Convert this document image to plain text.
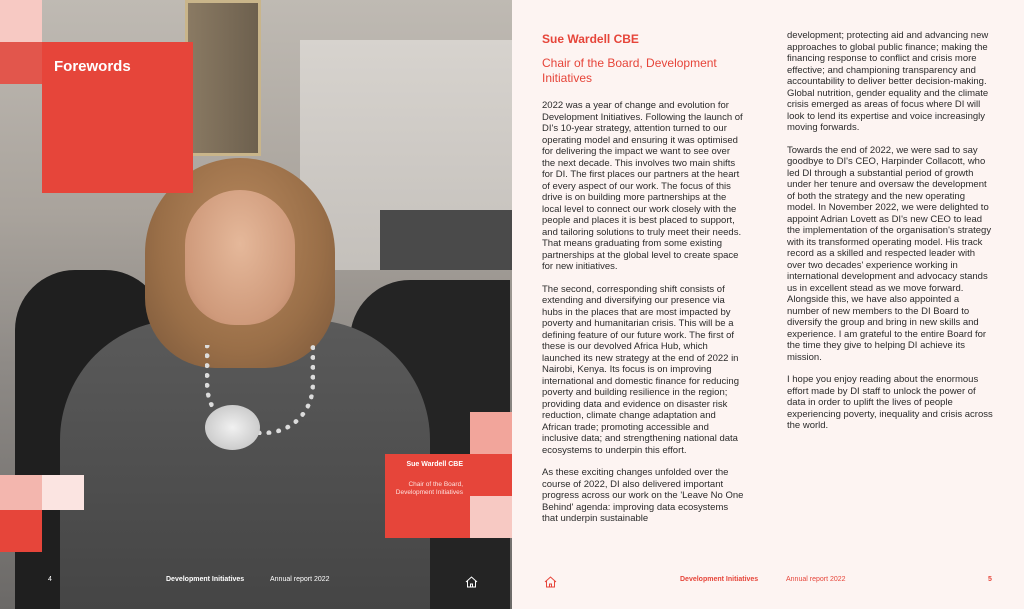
Forewords
Sue Wardell CBE
Chair of the Board, Development Initiatives
4	Development Initiatives	Annual report 2022
Sue Wardell CBE
Chair of the Board, Development Initiatives

2022 was a year of change and evolution for Development Initiatives. Following the launch of DI's 10-year strategy, attention turned to our operating model and ensuring it was optimised for delivering the impact we want to see over the next decade. This involves two main shifts for DI. The first places our partners at the heart of every aspect of our work. The focus of this drive is on building more partnerships at the local level to connect our work closely with the people and places it is best placed to support, and tailoring solutions to truly meet their needs. That means graduating from some existing partnerships at the global level to create space for new initiatives.

The second, corresponding shift consists of extending and diversifying our presence via hubs in the places that are most impacted by poverty and humanitarian crisis. This will be a defining feature of our future work. The first of these is our devolved Africa Hub, which launched its new strategy at the end of 2022 in Nairobi, Kenya. Its focus is on improving international and domestic finance for reducing poverty and building resilience in the region; providing data and evidence on disaster risk reduction, climate change adaptation and African trade; promoting accessible and inclusive data; and strengthening national data ecosystems to underpin this effort.

As these exciting changes unfolded over the course of 2022, DI also delivered important progress across our work on the 'Leave No One Behind' agenda: improving data ecosystems that underpin sustainable

development; protecting aid and advancing new approaches to global public finance; making the financing response to conflict and crisis more effective; and championing transparency and accountability to deliver better decision-making. Global nutrition, gender equality and the climate crisis emerged as areas of focus where DI will look to lend its expertise and voice increasingly moving forwards.

Towards the end of 2022, we were sad to say goodbye to DI's CEO, Harpinder Collacott, who led DI through a substantial period of growth under her tenure and oversaw the development of both the strategy and the new operating model. In November 2022, we were delighted to appoint Adrian Lovett as DI's new CEO to lead the implementation of the organisation's strategy with its transformed operating model. His track record as a skilled and respected leader with over two decades' experience working in international development and advocacy stands us in excellent stead as we move forward. Alongside this, we have also appointed a number of new members to the DI Board to diversify the group and bring in new skills and experience. I am grateful to the entire Board for the time they give to helping DI achieve its mission.

I hope you enjoy reading about the enormous effort made by DI staff to unlock the power of data in order to uplift the lives of people experiencing poverty, inequality and crisis across the world.

Development Initiatives	Annual report 2022	5
